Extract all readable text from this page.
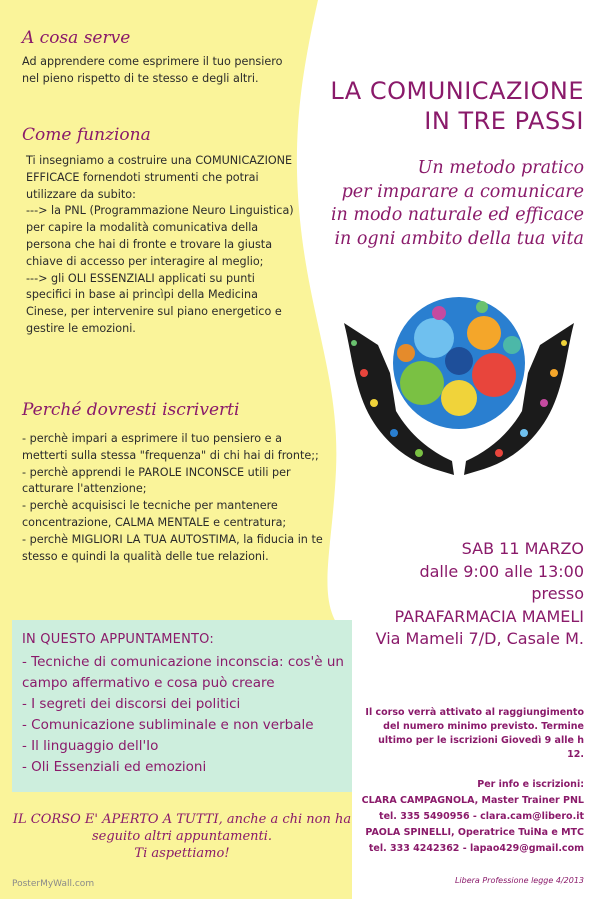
A cosa serve
Ad apprendere come esprimere il tuo pensiero nel pieno rispetto di te stesso e degli altri.
Come funziona
Ti insegniamo a costruire una COMUNICAZIONE EFFICACE fornendoti strumenti che potrai utilizzare da subito:
---> la PNL (Programmazione Neuro Linguistica) per capire la modalità comunicativa della persona che hai di fronte e trovare la giusta chiave di accesso per interagire al meglio;
---> gli OLI ESSENZIALI applicati su punti specifici in base ai princìpi della Medicina Cinese, per intervenire sul piano energetico e gestire le emozioni.
Perché dovresti iscriverti
- perchè impari a esprimere il tuo pensiero e a metterti sulla stessa "frequenza" di chi hai di fronte;;
- perchè apprendi le PAROLE INCONSCE utili per catturare l'attenzione;
- perchè acquisisci le tecniche per mantenere concentrazione, CALMA MENTALE e centratura;
- perchè MIGLIORI LA TUA AUTOSTIMA, la fiducia in te stesso e quindi la qualità delle tue relazioni.
IN QUESTO APPUNTAMENTO:
- Tecniche di comunicazione inconscia: cos'è un campo affermativo e cosa può creare
- I segreti dei discorsi dei politici
- Comunicazione subliminale e non verbale
- Il linguaggio dell'Io
- Oli Essenziali ed emozioni
IL CORSO E' APERTO A TUTTI, anche a chi non ha seguito altri appuntamenti.
Ti aspettiamo!
PosterMyWall.com
LA COMUNICAZIONE
IN TRE PASSI
Un metodo pratico
per imparare a comunicare
in modo naturale ed efficace
in ogni ambito della tua vita
SAB 11 MARZO
dalle 9:00 alle 13:00
presso
PARAFARMACIA MAMELI
Via Mameli 7/D, Casale M.
Il corso verrà attivato al raggiungimento del numero minimo previsto. Termine ultimo per le iscrizioni Giovedì 9 alle h 12.
Per info e iscrizioni:
CLARA CAMPAGNOLA, Master Trainer PNL
tel. 335 5490956 - clara.cam@libero.it
PAOLA SPINELLI, Operatrice TuiNa e MTC
tel. 333 4242362 - lapao429@gmail.com
Libera Professione legge 4/2013
